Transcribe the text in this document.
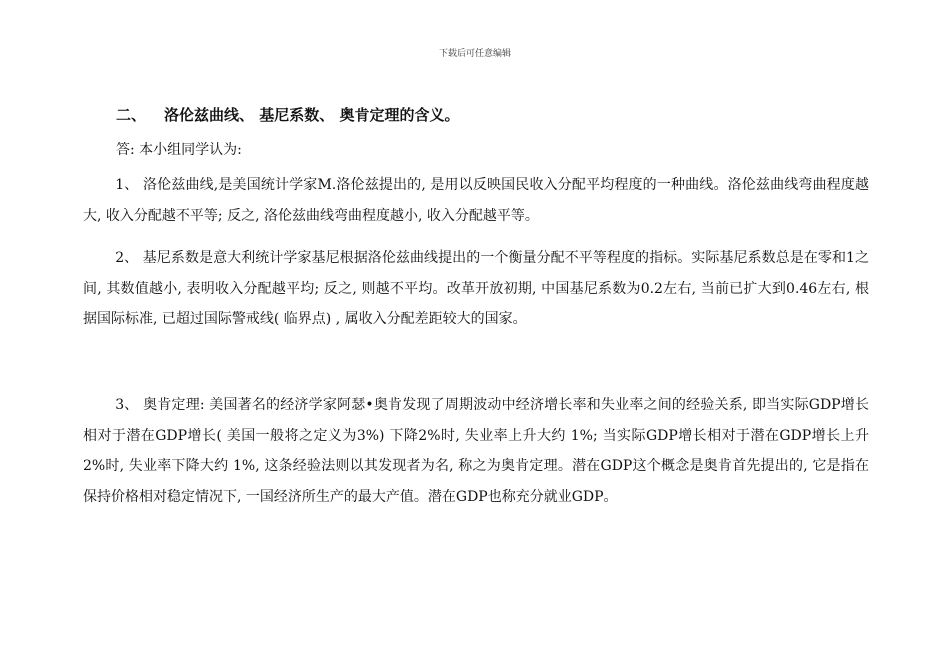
下载后可任意编辑
二、 洛伦兹曲线、 基尼系数、 奥肯定理的含义。
答: 本小组同学认为:

1、 洛伦兹曲线,是美国统计学家M.洛伦兹提出的, 是用以反映国民收入分配平均程度的一种曲线。洛伦兹曲线弯曲程度越大, 收入分配越不平等; 反之, 洛伦兹曲线弯曲程度越小, 收入分配越平等。

2、 基尼系数是意大利统计学家基尼根据洛伦兹曲线提出的一个衡量分配不平等程度的指标。实际基尼系数总是在零和1之间, 其数值越小, 表明收入分配越平均; 反之, 则越不平均。改革开放初期, 中国基尼系数为0.2左右, 当前已扩大到0.46左右, 根据国际标准, 已超过国际警戒线( 临界点) , 属收入分配差距较大的国家。

3、 奥肯定理: 美国著名的经济学家阿瑟•奥肯发现了周期波动中经济增长率和失业率之间的经验关系, 即当实际GDP增长相对于潜在GDP增长( 美国一般将之定义为3%) 下降2%时, 失业率上升大约 1%; 当实际GDP增长相对于潜在GDP增长上升2%时, 失业率下降大约 1%, 这条经验法则以其发现者为名, 称之为奥肯定理。潜在GDP这个概念是奥肯首先提出的, 它是指在保持价格相对稳定情况下, 一国经济所生产的最大产值。潜在GDP也称充分就业GDP。
